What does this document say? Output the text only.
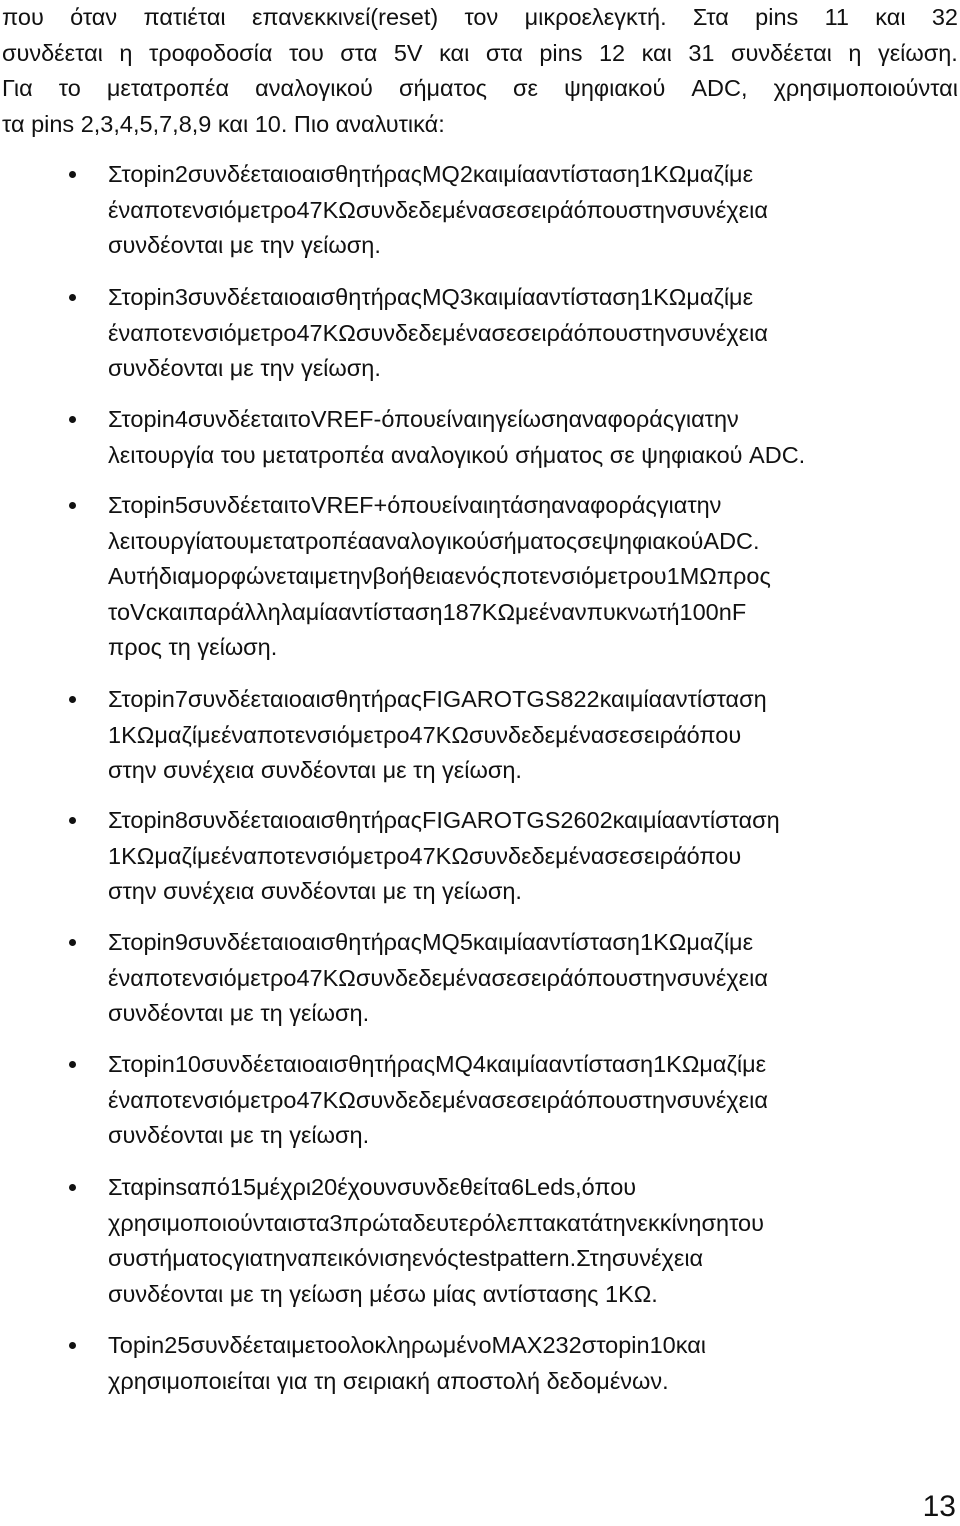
που όταν πατιέται επανεκκινεί(reset) τον μικροελεγκτή. Στα pins 11 και 32
συνδέεται η τροφοδοσία του στα 5V και στα pins 12 και 31 συνδέεται η γείωση.
Για το μετατροπέα αναλογικού σήματος σε ψηφιακού ADC, χρησιμοποιούνται
τα pins 2,3,4,5,7,8,9 και 10. Πιο αναλυτικά:
Στοpin2συνδέεταιοαισθητήραςMQ2καιμίααντίσταση1ΚΩμαζίμε
έναποτενσιόμετρο47ΚΩσυνδεδεμένασεσειράόπουστηνσυνέχεια
συνδέονται με την γείωση.
Στοpin3συνδέεταιοαισθητήραςMQ3καιμίααντίσταση1ΚΩμαζίμε
έναποτενσιόμετρο47ΚΩσυνδεδεμένασεσειράόπουστηνσυνέχεια
συνδέονται με την γείωση.
Στοpin4συνδέεταιτοVREF-όπουείναιηγείωσηαναφοράςγιατην
λειτουργία του μετατροπέα αναλογικού σήματος σε ψηφιακού ADC.
Στοpin5συνδέεταιτοVREF+όπουείναιητάσηαναφοράςγιατην
λειτουργίατουμετατροπέααναλογικούσήματοςσεψηφιακούADC.
Αυτήδιαμορφώνεταιμετηνβοήθειαενόςποτενσιόμετρου1ΜΩπρος
τοVcκαιπαράλληλαμίααντίσταση187ΚΩμεένανπυκνωτή100nF
προς τη γείωση.
Στοpin7συνδέεταιοαισθητήραςFIGAROTGS822καιμίααντίσταση
1ΚΩμαζίμεέναποτενσιόμετρο47ΚΩσυνδεδεμένασεσειράόπου
στην συνέχεια συνδέονται με τη γείωση.
Στοpin8συνδέεταιοαισθητήραςFIGAROTGS2602καιμίααντίσταση
1ΚΩμαζίμεέναποτενσιόμετρο47ΚΩσυνδεδεμένασεσειράόπου
στην συνέχεια συνδέονται με τη γείωση.
Στοpin9συνδέεταιοαισθητήραςMQ5καιμίααντίσταση1ΚΩμαζίμε
έναποτενσιόμετρο47ΚΩσυνδεδεμένασεσειράόπουστηνσυνέχεια
συνδέονται με τη γείωση.
Στοpin10συνδέεταιοαισθητήραςMQ4καιμίααντίσταση1ΚΩμαζίμε
έναποτενσιόμετρο47ΚΩσυνδεδεμένασεσειράόπουστηνσυνέχεια
συνδέονται με τη γείωση.
Σταpinsαπό15μέχρι20έχουνσυνδεθείτα6Leds,όπου
χρησιμοποιούνταιστα3πρώταδευτερόλεπτακατάτηνεκκίνησητου
συστήματοςγιατηναπεικόνισηενόςtestpattern.Στησυνέχεια
συνδέονται με τη γείωση μέσω μίας αντίστασης 1ΚΩ.
Τοpin25συνδέεταιμετοολοκληρωμένοMAX232στοpin10και
χρησιμοποιείται για τη σειριακή αποστολή δεδομένων.
13
